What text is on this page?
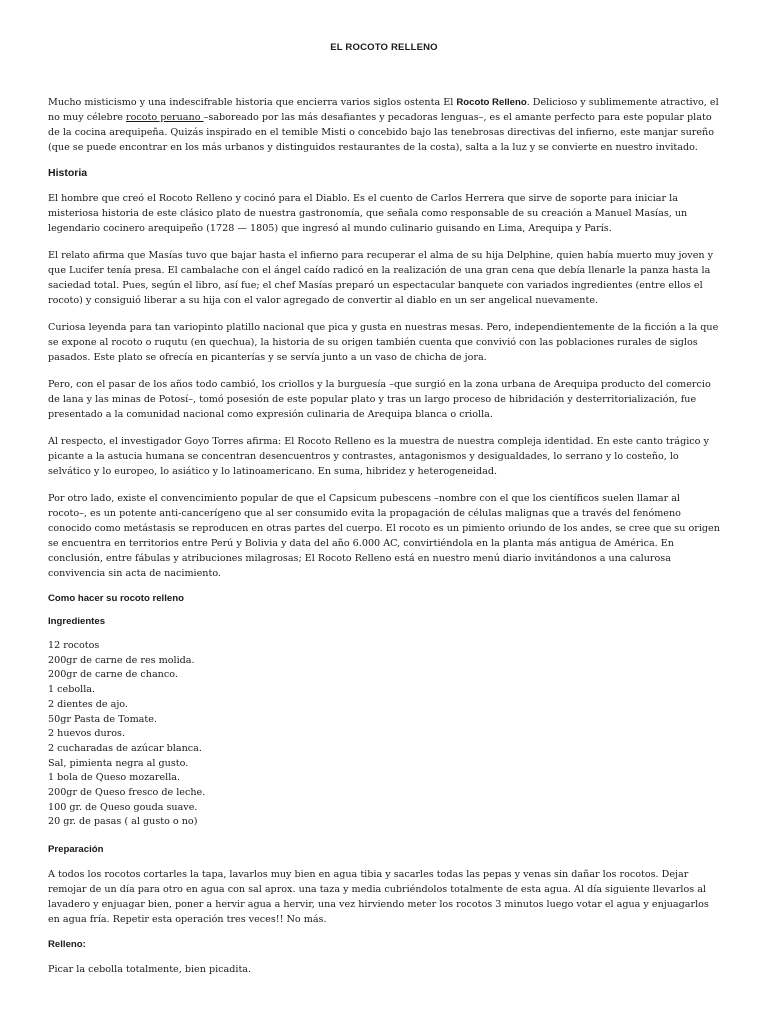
EL ROCOTO RELLENO

Mucho misticismo y una indescifrable historia que encierra varios siglos ostenta El Rocoto Relleno. Delicioso y sublimemente atractivo, el no muy célebre rocoto peruano –saboreado por las más desafiantes y pecadoras lenguas–, es el amante perfecto para este popular plato de la cocina arequipeña. Quizás inspirado en el temible Misti o concebido bajo las tenebrosas directivas del infierno, este manjar sureño (que se puede encontrar en los más urbanos y distinguidos restaurantes de la costa), salta a la luz y se convierte en nuestro invitado.

Historia

El hombre que creó el Rocoto Relleno y cocinó para el Diablo. Es el cuento de Carlos Herrera que sirve de soporte para iniciar la misteriosa historia de este clásico plato de nuestra gastronomía, que señala como responsable de su creación a Manuel Masías, un legendario cocinero arequipeño (1728 — 1805) que ingresó al mundo culinario guisando en Lima, Arequipa y París.

El relato afirma que Masías tuvo que bajar hasta el infierno para recuperar el alma de su hija Delphine, quien había muerto muy joven y que Lucifer tenía presa. El cambalache con el ángel caído radicó en la realización de una gran cena que debía llenarle la panza hasta la saciedad total. Pues, según el libro, así fue; el chef Masías preparó un espectacular banquete con variados ingredientes (entre ellos el rocoto) y consiguió liberar a su hija con el valor agregado de convertir al diablo en un ser angelical nuevamente.

Curiosa leyenda para tan variopinto platillo nacional que pica y gusta en nuestras mesas. Pero, independientemente de la ficción a la que se expone al rocoto o ruqutu (en quechua), la historia de su origen también cuenta que convivió con las poblaciones rurales de siglos pasados. Este plato se ofrecía en picanterías y se servía junto a un vaso de chicha de jora.

Pero, con el pasar de los años todo cambió, los criollos y la burguesía –que surgió en la zona urbana de Arequipa producto del comercio de lana y las minas de Potosí–, tomó posesión de este popular plato y tras un largo proceso de hibridación y desterritorialización, fue presentado a la comunidad nacional como expresión culinaria de Arequipa blanca o criolla.

Al respecto, el investigador Goyo Torres afirma: El Rocoto Relleno es la muestra de nuestra compleja identidad. En este canto trágico y picante a la astucia humana se concentran desencuentros y contrastes, antagonismos y desigualdades, lo serrano y lo costeño, lo selvático y lo europeo, lo asiático y lo latinoamericano. En suma, hibridez y heterogeneidad.

Por otro lado, existe el convencimiento popular de que el Capsicum pubescens –nombre con el que los científicos suelen llamar al rocoto–, es un potente anti-cancerígeno que al ser consumido evita la propagación de células malignas que a través del fenómeno conocido como metástasis se reproducen en otras partes del cuerpo. El rocoto es un pimiento oriundo de los andes, se cree que su origen se encuentra en territorios entre Perú y Bolivia y data del año 6.000 AC, convirtiéndola en la planta más antigua de América. En conclusión, entre fábulas y atribuciones milagrosas; El Rocoto Relleno está en nuestro menú diario invitándonos a una calurosa convivencia sin acta de nacimiento.

Como hacer su rocoto relleno
Ingredientes
12 rocotos
200gr de carne de res molida.
200gr de carne de chanco.
1 cebolla.
2 dientes de ajo.
50gr Pasta de Tomate.
2 huevos duros.
2 cucharadas de azúcar blanca.
Sal, pimienta negra al gusto.
1 bola de Queso mozarella.
200gr de Queso fresco de leche.
100 gr. de Queso gouda suave.
20 gr. de pasas ( al gusto o no)
Preparación

A todos los rocotos cortarles la tapa, lavarlos muy bien en agua tibia y sacarles todas las pepas y venas sin dañar los rocotos. Dejar remojar de un día para otro en agua con sal aprox. una taza y media cubriéndolos totalmente de esta agua. Al día siguiente llevarlos al lavadero y enjuagar bien, poner a hervir agua a hervir, una vez hirviendo meter los rocotos 3 minutos luego votar el agua y enjuagarlos en agua fría. Repetir esta operación tres veces!! No más.

Relleno:

Picar la cebolla totalmente, bien picadita.
